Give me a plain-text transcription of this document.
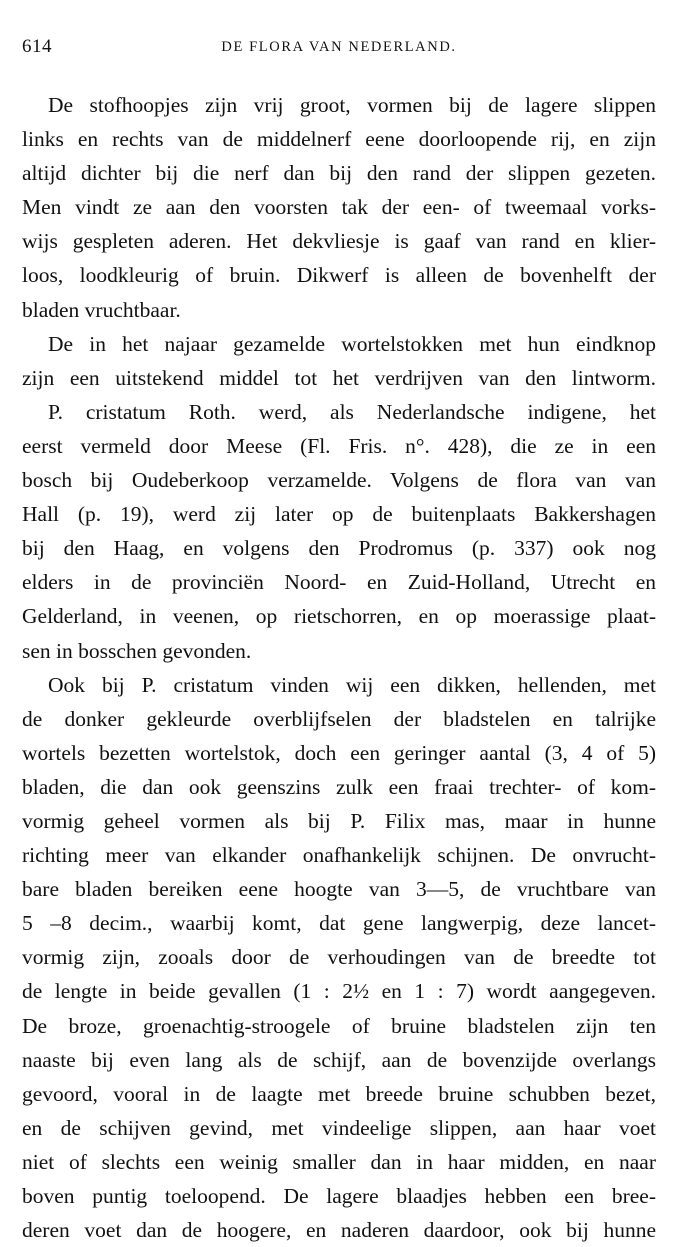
614	DE FLORA VAN NEDERLAND.

De stofhoopjes zijn vrij groot, vormen bij de lagere slippen
links en rechts van de middelnerf eene doorloopende rij, en zijn
altijd dichter bij die nerf dan bij den rand der slippen gezeten.
Men vindt ze aan den voorsten tak der een- of tweemaal vorks-
wijs gespleten aderen. Het dekvliesje is gaaf van rand en klier-
loos, loodkleurig of bruin. Dikwerf is alleen de bovenhelft der
bladen vruchtbaar.

De in het najaar gezamelde wortelstokken met hun eindknop
zijn een uitstekend middel tot het verdrijven van den lintworm.

P. cristatum Roth. werd, als Nederlandsche indigene, het
eerst vermeld door Meese (Fl. Fris. n°. 428), die ze in een
bosch bij Oudeberkoop verzamelde. Volgens de flora van van
Hall (p. 19), werd zij later op de buitenplaats Bakkershagen
bij den Haag, en volgens den Prodromus (p. 337) ook nog
elders in de provinciën Noord- en Zuid-Holland, Utrecht en
Gelderland, in veenen, op rietschorren, en op moerassige plaat-
sen in bosschen gevonden.

Ook bij P. cristatum vinden wij een dikken, hellenden, met
de donker gekleurde overblijfselen der bladstelen en talrijke
wortels bezetten wortelstok, doch een geringer aantal (3, 4 of 5)
bladen, die dan ook geenszins zulk een fraai trechter- of kom-
vormig geheel vormen als bij P. Filix mas, maar in hunne
richting meer van elkander onafhankelijk schijnen. De onvrucht-
bare bladen bereiken eene hoogte van 3—5, de vruchtbare van
5 –8 decim., waarbij komt, dat gene langwerpig, deze lancet-
vormig zijn, zooals door de verhoudingen van de breedte tot
de lengte in beide gevallen (1 : 2½ en 1 : 7) wordt aangegeven.
De broze, groenachtig-stroogele of bruine bladstelen zijn ten
naaste bij even lang als de schijf, aan de bovenzijde overlangs
gevoord, vooral in de laagte met breede bruine schubben bezet,
en de schijven gevind, met vindeelige slippen, aan haar voet
niet of slechts een weinig smaller dan in haar midden, en naar
boven puntig toeloopend. De lagere blaadjes hebben een bree-
deren voet dan de hoogere, en naderen daardoor, ook bij hunne
